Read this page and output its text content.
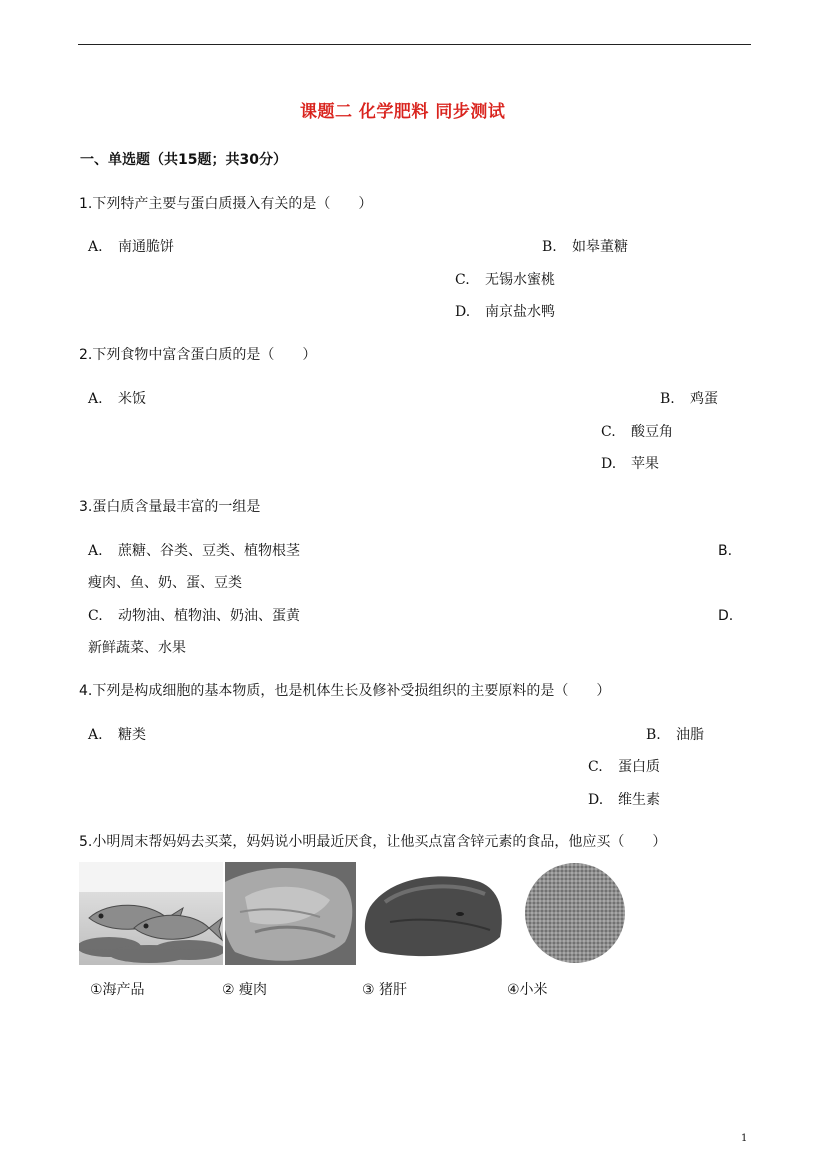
课题二 化学肥料 同步测试
一、单选题（共15题；共30分）
1.下列特产主要与蛋白质摄入有关的是（　　）
A. 南通脆饼	B. 如皋董糖
C. 无锡水蜜桃
D. 南京盐水鸭
2.下列食物中富含蛋白质的是（　　）
A. 米饭	B. 鸡蛋
C. 酸豆角
D. 苹果
3.蛋白质含量最丰富的一组是
A. 蔗糖、谷类、豆类、植物根茎	B.
瘦肉、鱼、奶、蛋、豆类
C. 动物油、植物油、奶油、蛋黄	D.
新鲜蔬菜、水果
4.下列是构成细胞的基本物质，也是机体生长及修补受损组织的主要原料的是（　　）
A. 糖类	B. 油脂
C. 蛋白质
D. 维生素
5.小明周末帮妈妈去买菜，妈妈说小明最近厌食，让他买点富含锌元素的食品，他应买（　　）
①海产品	② 瘦肉	③ 猪肝	④小米
1
